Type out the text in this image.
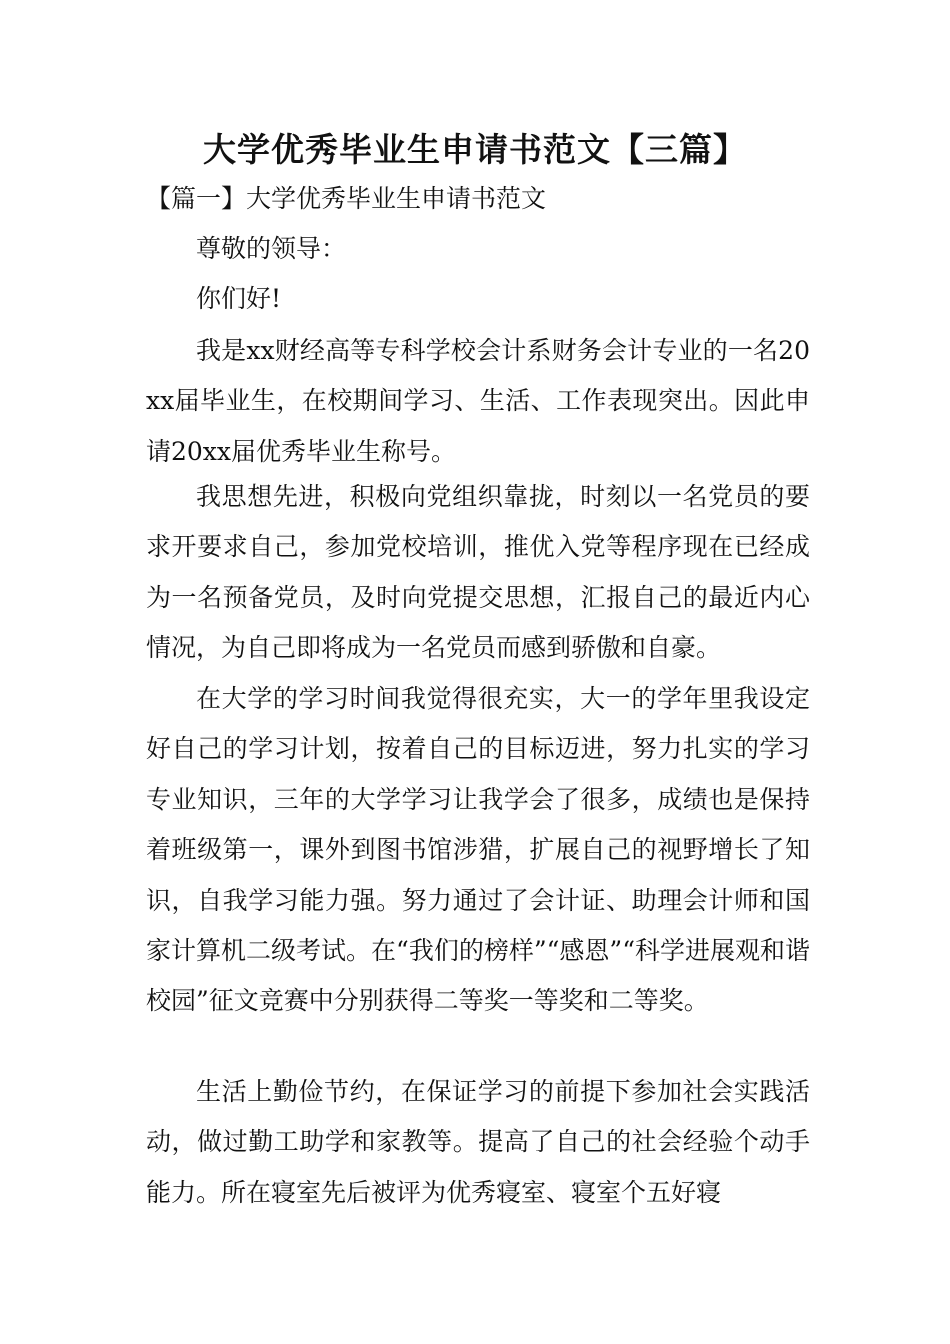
大学优秀毕业生申请书范文【三篇】
【篇一】大学优秀毕业生申请书范文
尊敬的领导：
你们好!

我是xx财经高等专科学校会计系财务会计专业的一名20xx届毕业生，在校期间学习、生活、工作表现突出。因此申请20xx届优秀毕业生称号。

我思想先进，积极向党组织靠拢，时刻以一名党员的要求开要求自己，参加党校培训，推优入党等程序现在已经成为一名预备党员，及时向党提交思想，汇报自己的最近内心情况，为自己即将成为一名党员而感到骄傲和自豪。

在大学的学习时间我觉得很充实，大一的学年里我设定好自己的学习计划，按着自己的目标迈进，努力扎实的学习专业知识，三年的大学学习让我学会了很多，成绩也是保持着班级第一，课外到图书馆涉猎，扩展自己的视野增长了知识，自我学习能力强。努力通过了会计证、助理会计师和国家计算机二级考试。在“我们的榜样”“感恩”“科学进展观和谐校园”征文竞赛中分别获得二等奖一等奖和二等奖。

生活上勤俭节约，在保证学习的前提下参加社会实践活动，做过勤工助学和家教等。提高了自己的社会经验个动手能力。所在寝室先后被评为优秀寝室、寝室个五好寝
